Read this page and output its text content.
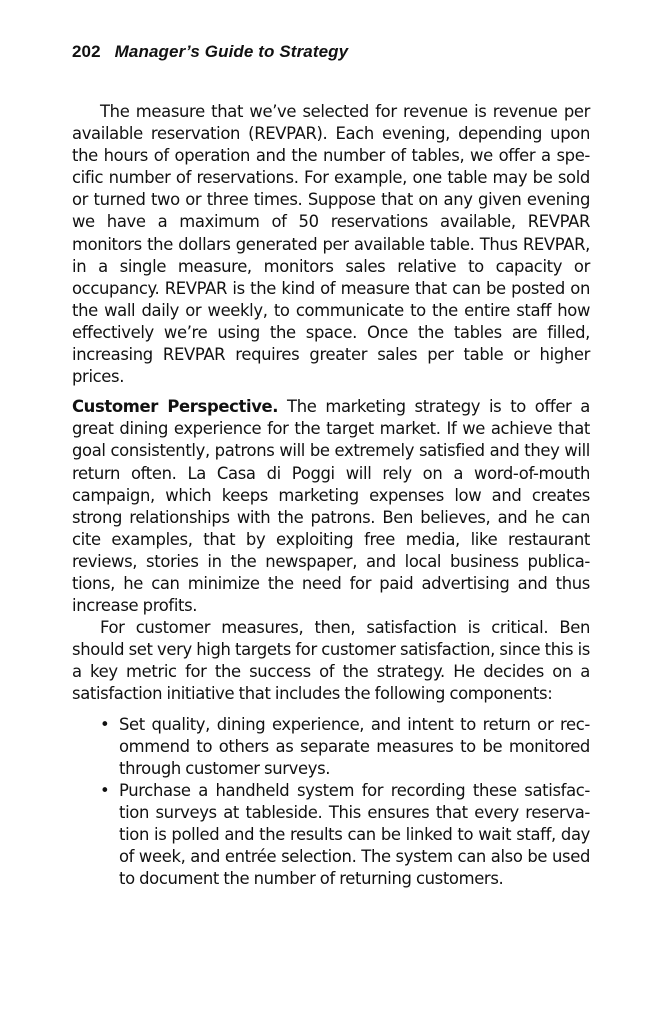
202 Manager’s Guide to Strategy

The measure that we’ve selected for revenue is revenue per available reservation (REVPAR). Each evening, depending upon the hours of operation and the number of tables, we offer a spe-cific number of reservations. For example, one table may be sold or turned two or three times. Suppose that on any given evening we have a maximum of 50 reservations available, REVPAR monitors the dollars generated per available table. Thus REVPAR, in a single measure, monitors sales relative to capacity or occupancy. REVPAR is the kind of measure that can be posted on the wall daily or weekly, to communicate to the entire staff how effectively we’re using the space. Once the tables are filled, increasing REVPAR requires greater sales per table or higher prices.

Customer Perspective. The marketing strategy is to offer a great dining experience for the target market. If we achieve that goal consistently, patrons will be extremely satisfied and they will return often. La Casa di Poggi will rely on a word-of-mouth campaign, which keeps marketing expenses low and creates strong relationships with the patrons. Ben believes, and he can cite examples, that by exploiting free media, like restaurant reviews, stories in the newspaper, and local business publica-tions, he can minimize the need for paid advertising and thus increase profits.

For customer measures, then, satisfaction is critical. Ben should set very high targets for customer satisfaction, since this is a key metric for the success of the strategy. He decides on a satisfaction initiative that includes the following components:

• Set quality, dining experience, and intent to return or rec-ommend to others as separate measures to be monitored through customer surveys.
• Purchase a handheld system for recording these satisfac-tion surveys at tableside. This ensures that every reserva-tion is polled and the results can be linked to wait staff, day of week, and entrée selection. The system can also be used to document the number of returning customers.
